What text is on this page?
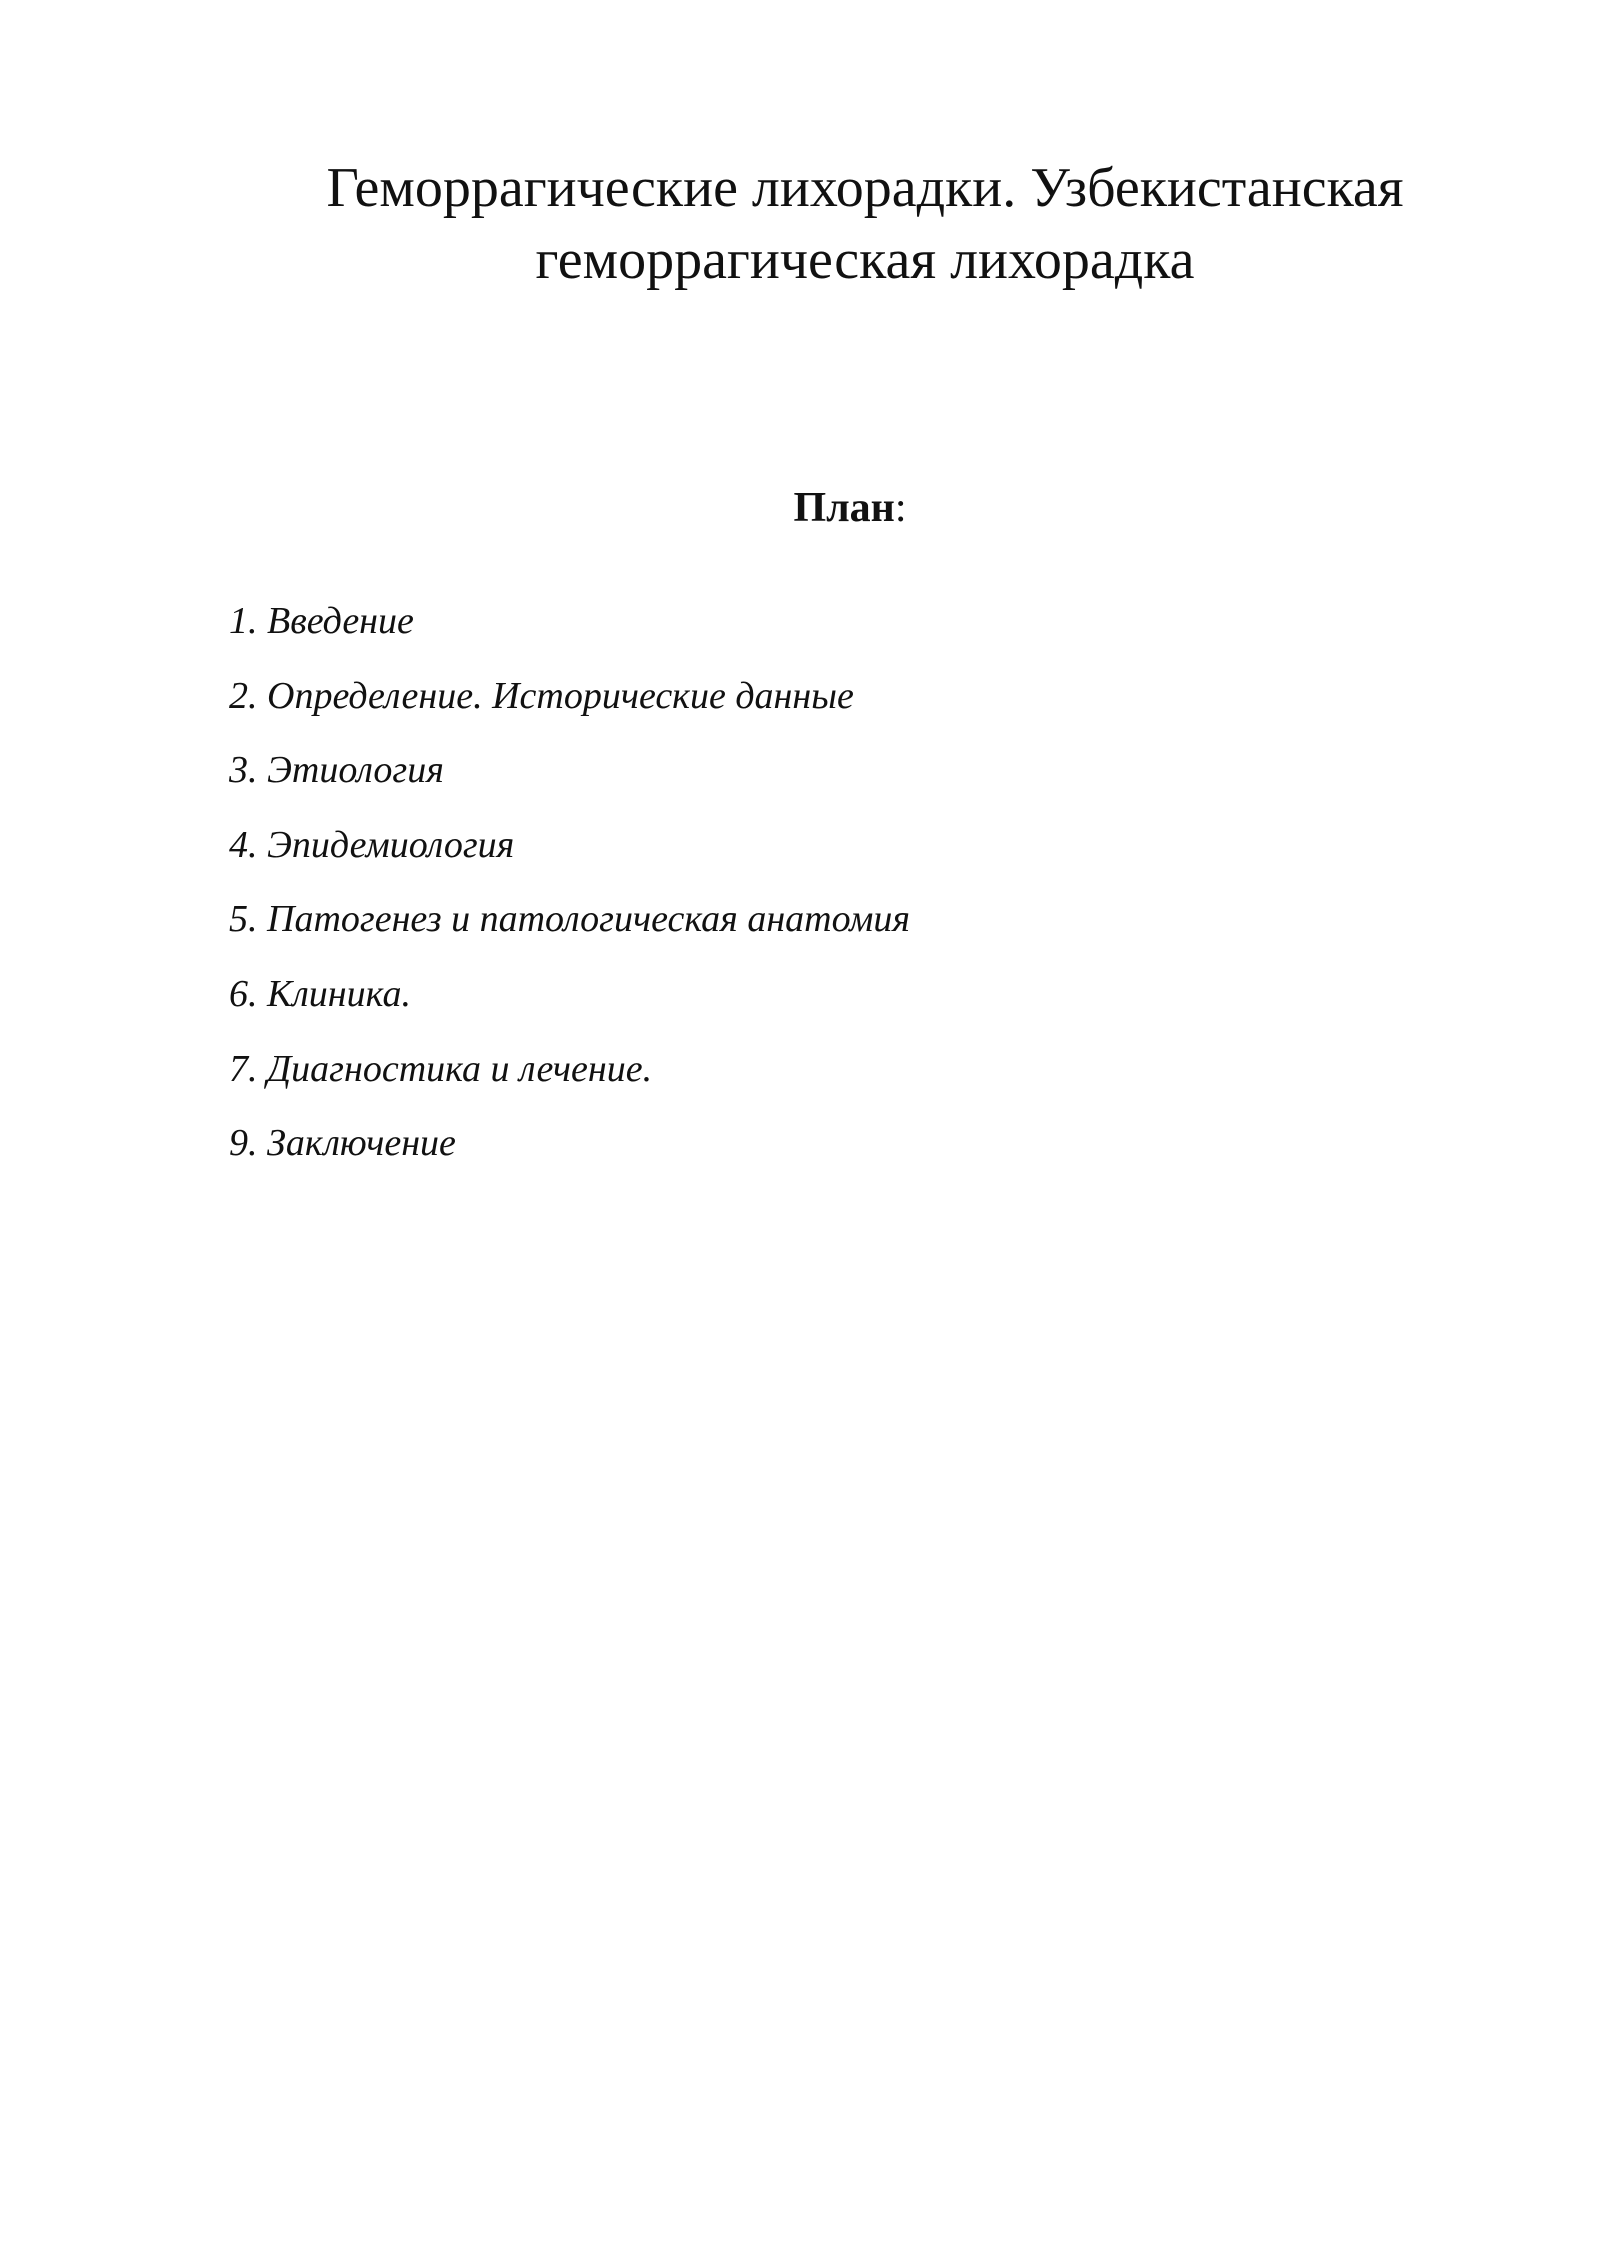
Геморрагические лихорадки. Узбекистанская
геморрагическая лихорадка
План:
1. Введение
2. Определение. Исторические данные
3. Этиология
4. Эпидемиология
5. Патогенез и патологическая анатомия
6. Клиника.
7. Диагностика и лечение.
9. Заключение
